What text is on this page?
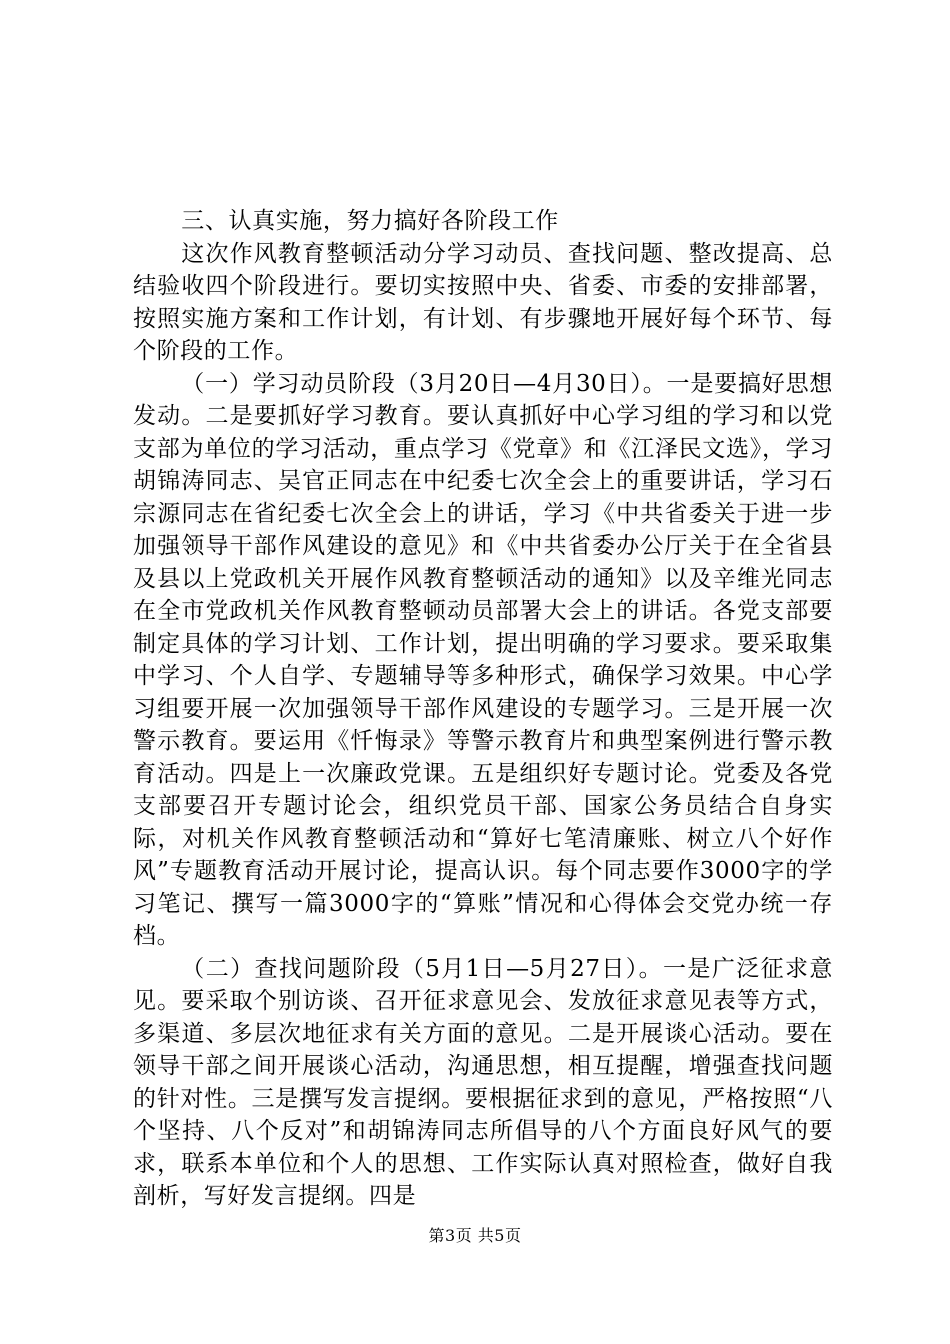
三、认真实施，努力搞好各阶段工作

这次作风教育整顿活动分学习动员、查找问题、整改提高、总结验收四个阶段进行。要切实按照中央、省委、市委的安排部署，按照实施方案和工作计划，有计划、有步骤地开展好每个环节、每个阶段的工作。

（一）学习动员阶段（3月20日—4月30日）。一是要搞好思想发动。二是要抓好学习教育。要认真抓好中心学习组的学习和以党支部为单位的学习活动，重点学习《党章》和《江泽民文选》，学习胡锦涛同志、吴官正同志在中纪委七次全会上的重要讲话，学习石宗源同志在省纪委七次全会上的讲话，学习《中共省委关于进一步加强领导干部作风建设的意见》和《中共省委办公厅关于在全省县及县以上党政机关开展作风教育整顿活动的通知》以及辛维光同志在全市党政机关作风教育整顿动员部署大会上的讲话。各党支部要制定具体的学习计划、工作计划，提出明确的学习要求。要采取集中学习、个人自学、专题辅导等多种形式，确保学习效果。中心学习组要开展一次加强领导干部作风建设的专题学习。三是开展一次警示教育。要运用《忏悔录》等警示教育片和典型案例进行警示教育活动。四是上一次廉政党课。五是组织好专题讨论。党委及各党支部要召开专题讨论会，组织党员干部、国家公务员结合自身实际，对机关作风教育整顿活动和“算好七笔清廉账、树立八个好作风”专题教育活动开展讨论，提高认识。每个同志要作3000字的学习笔记、撰写一篇3000字的“算账”情况和心得体会交党办统一存档。

（二）查找问题阶段（5月1日—5月27日）。一是广泛征求意见。要采取个别访谈、召开征求意见会、发放征求意见表等方式，多渠道、多层次地征求有关方面的意见。二是开展谈心活动。要在领导干部之间开展谈心活动，沟通思想，相互提醒，增强查找问题的针对性。三是撰写发言提纲。要根据征求到的意见，严格按照“八个坚持、八个反对”和胡锦涛同志所倡导的八个方面良好风气的要求，联系本单位和个人的思想、工作实际认真对照检查，做好自我剖析，写好发言提纲。四是

第3页 共5页
